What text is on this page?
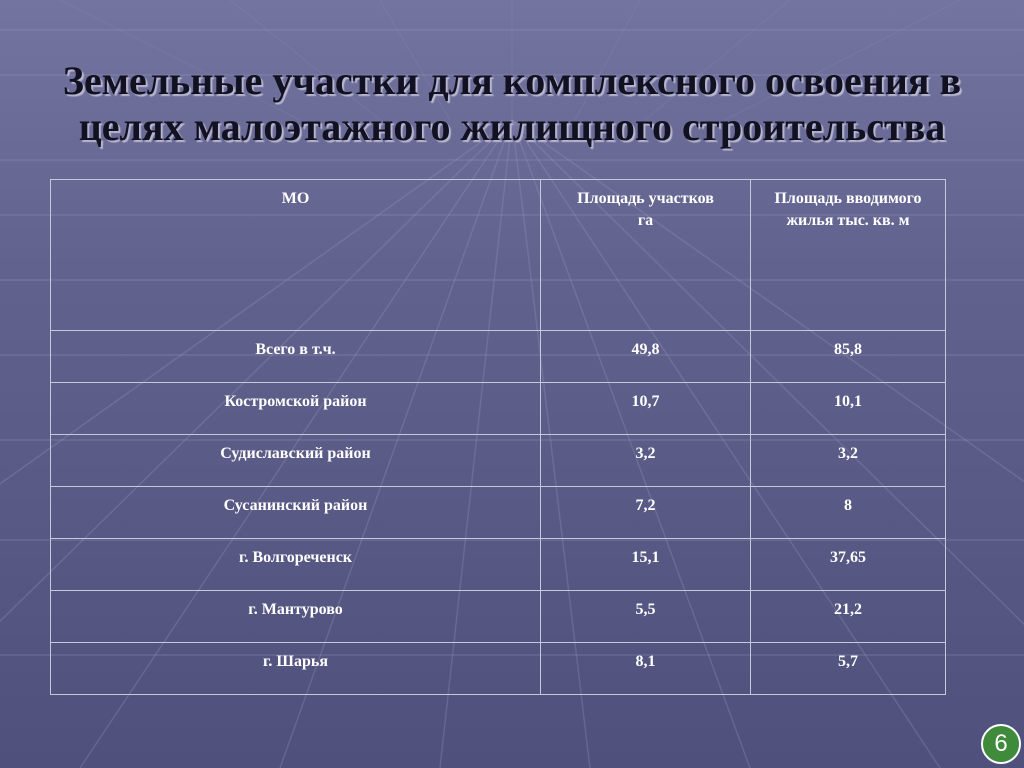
Земельные участки для комплексного освоения в целях малоэтажного жилищного строительства
МО	Площадь участков га	Площадь вводимого жилья тыс. кв. м
Всего в т.ч.	49,8	85,8
Костромской район	10,7	10,1
Судиславский район	3,2	3,2
Сусанинский район	7,2	8
г. Волгореченск	15,1	37,65
г. Мантурово	5,5	21,2
г. Шарья	8,1	5,7
6
